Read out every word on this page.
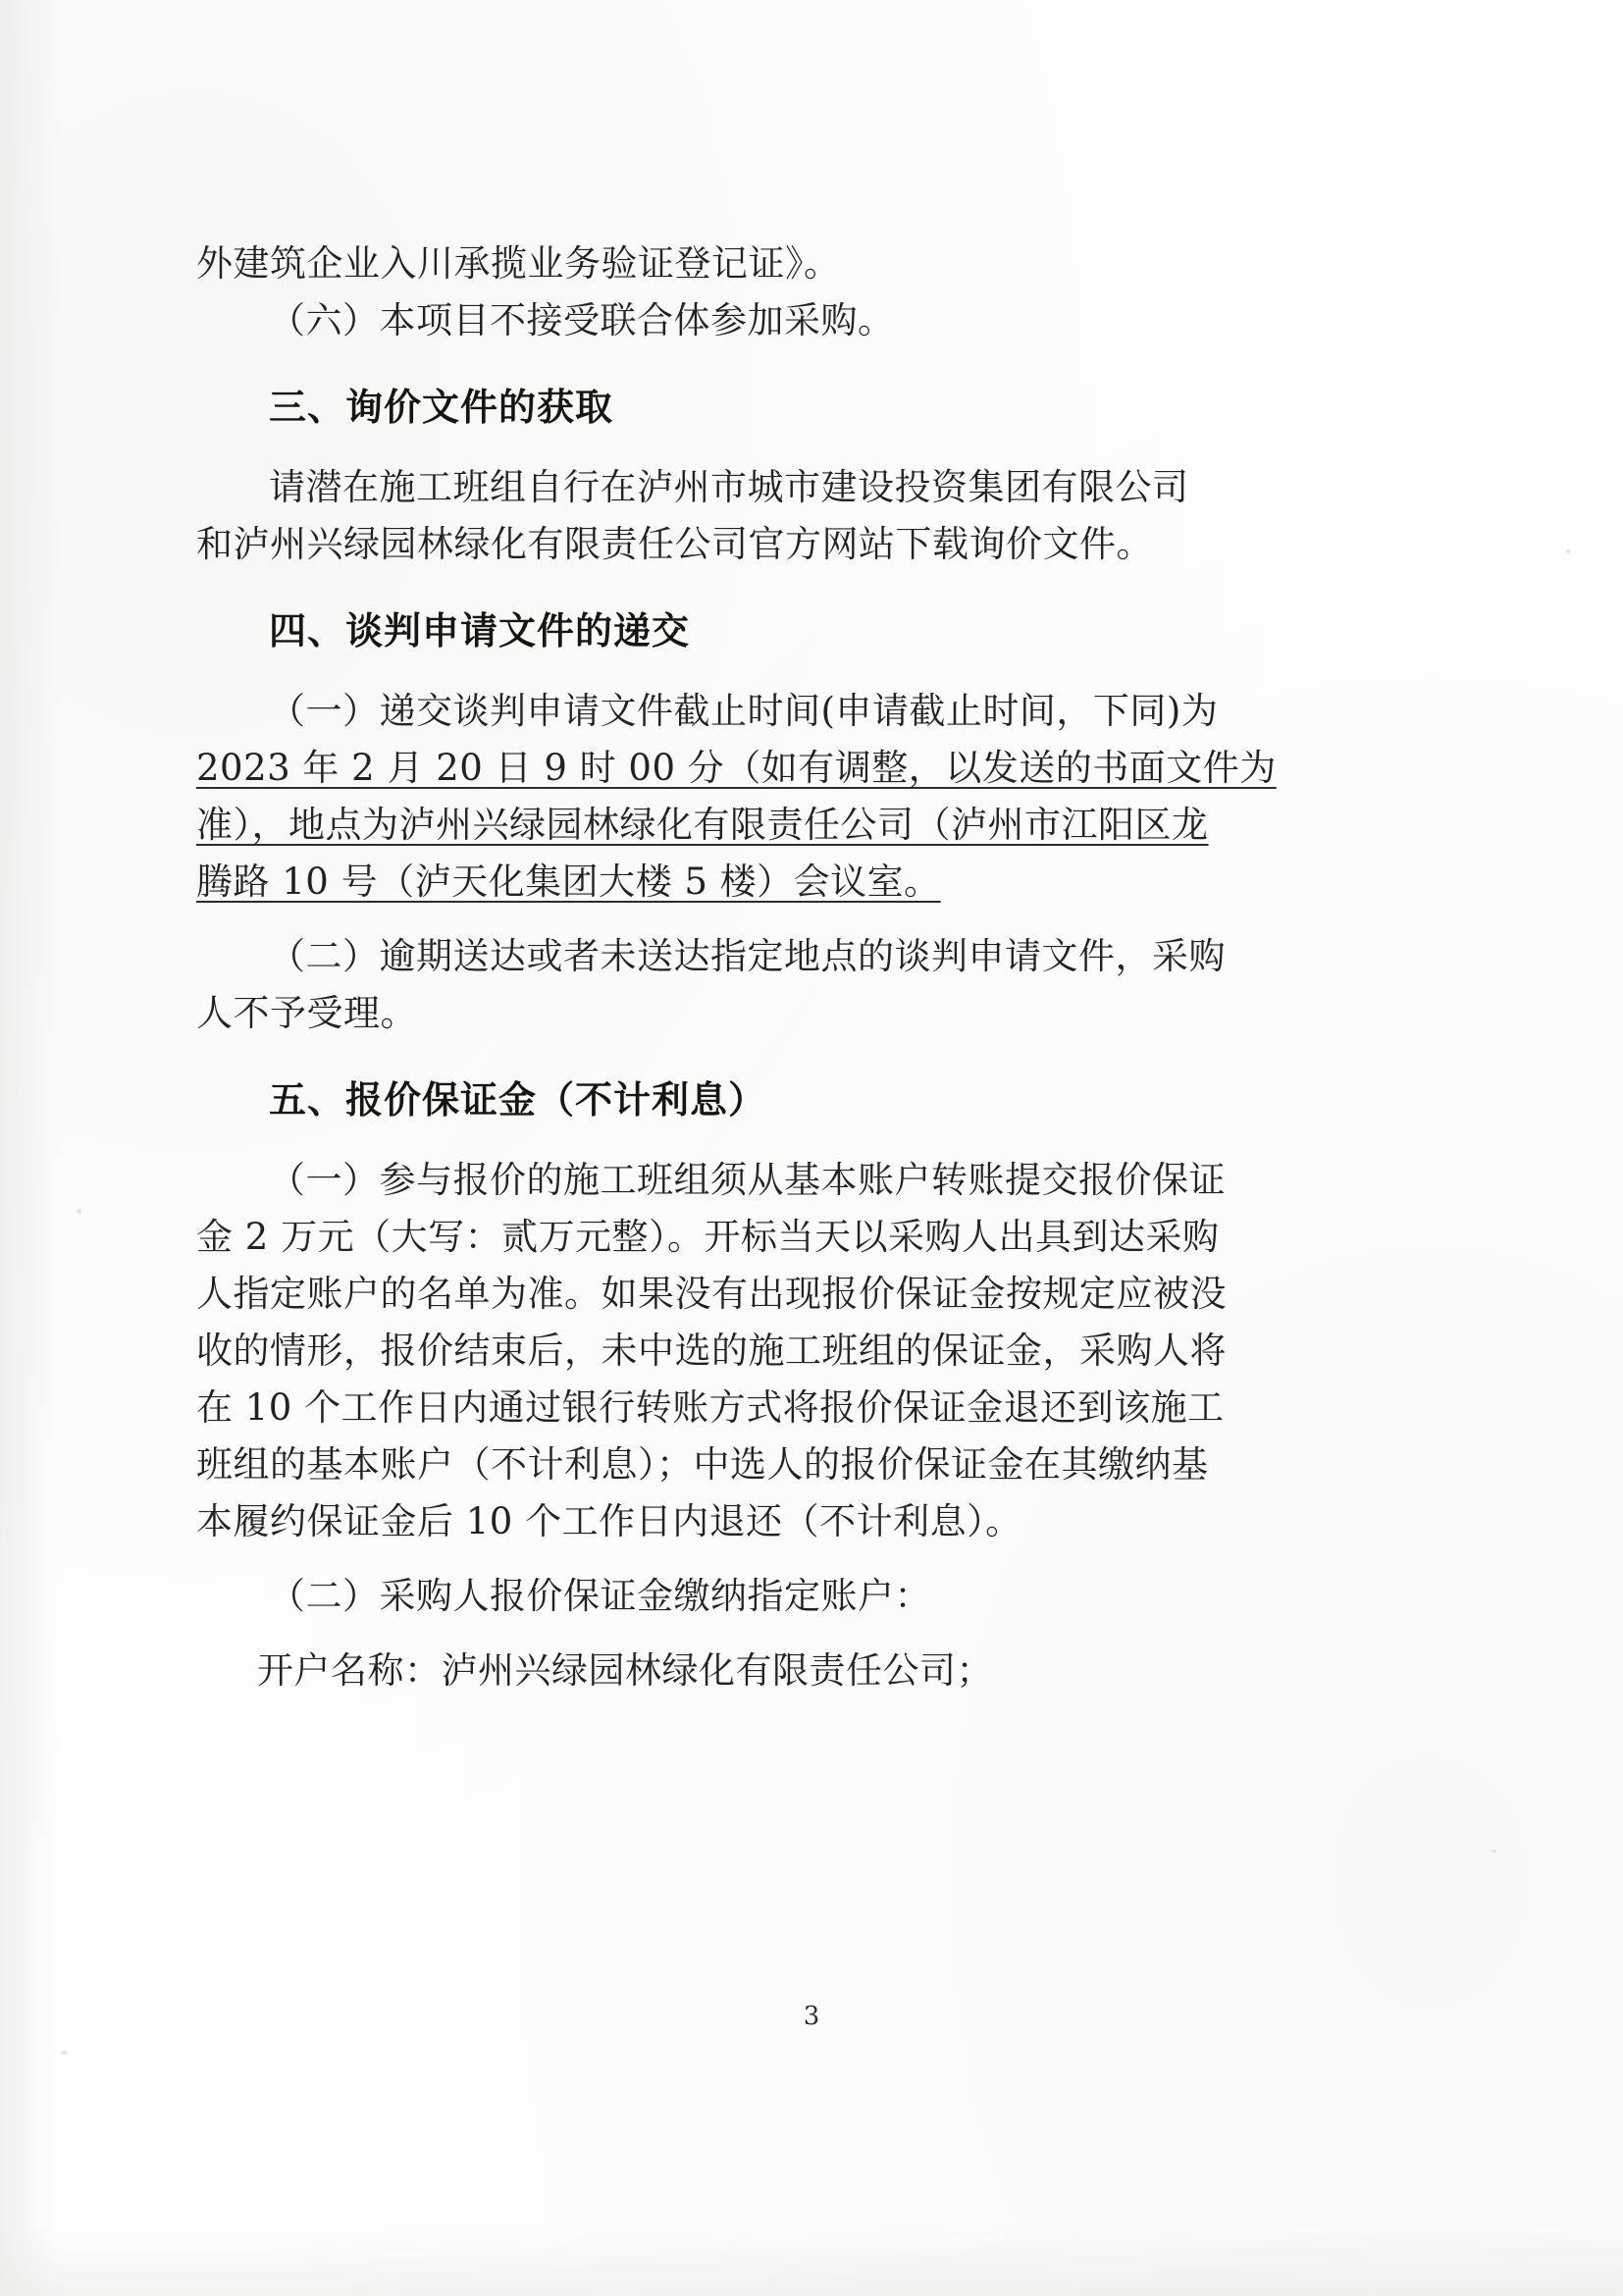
外建筑企业入川承揽业务验证登记证》。
（六）本项目不接受联合体参加采购。
三、询价文件的获取
请潜在施工班组自行在泸州市城市建设投资集团有限公司
和泸州兴绿园林绿化有限责任公司官方网站下载询价文件。
四、谈判申请文件的递交
（一）递交谈判申请文件截止时间(申请截止时间，下同)为
2023 年 2 月 20 日 9 时 00 分（如有调整，以发送的书面文件为
准），地点为泸州兴绿园林绿化有限责任公司（泸州市江阳区龙
腾路 10 号（泸天化集团大楼 5 楼）会议室。
（二）逾期送达或者未送达指定地点的谈判申请文件，采购
人不予受理。
五、报价保证金（不计利息）
（一）参与报价的施工班组须从基本账户转账提交报价保证
金 2 万元（大写：贰万元整）。开标当天以采购人出具到达采购
人指定账户的名单为准。如果没有出现报价保证金按规定应被没
收的情形，报价结束后，未中选的施工班组的保证金，采购人将
在 10 个工作日内通过银行转账方式将报价保证金退还到该施工
班组的基本账户（不计利息）；中选人的报价保证金在其缴纳基
本履约保证金后 10 个工作日内退还（不计利息）。
（二）采购人报价保证金缴纳指定账户：
开户名称：泸州兴绿园林绿化有限责任公司；
3
